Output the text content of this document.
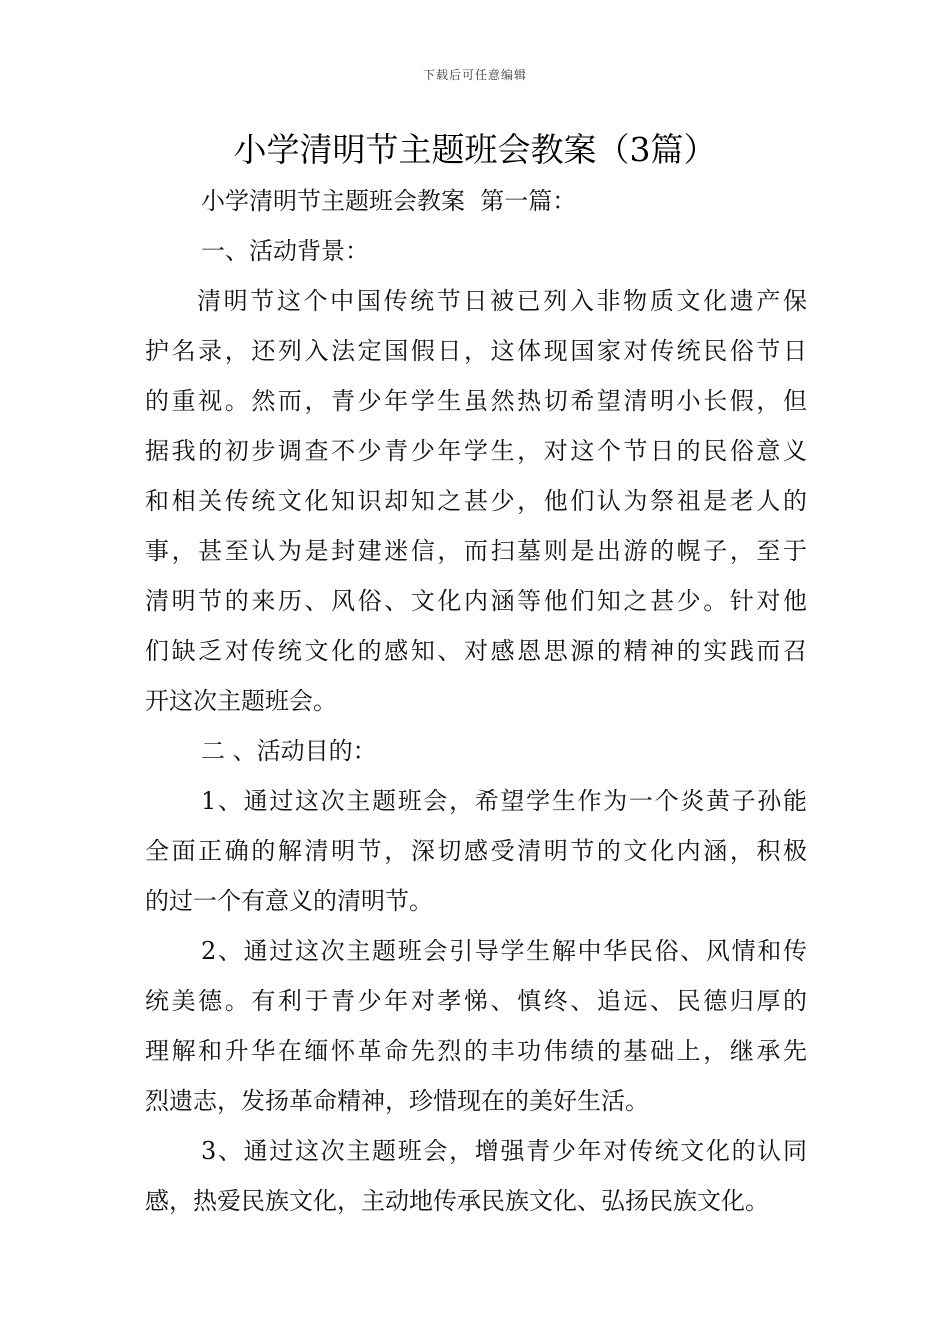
下载后可任意编辑
小学清明节主题班会教案（3篇）

小学清明节主题班会教案  第一篇：

一、活动背景：

清明节这个中国传统节日被已列入非物质文化遗产保

护名录，还列入法定国假日，这体现国家对传统民俗节日

的重视。然而，青少年学生虽然热切希望清明小长假，但

据我的初步调查不少青少年学生，对这个节日的民俗意义

和相关传统文化知识却知之甚少，他们认为祭祖是老人的

事，甚至认为是封建迷信，而扫墓则是出游的幌子，至于

清明节的来历、风俗、文化内涵等他们知之甚少。针对他

们缺乏对传统文化的感知、对感恩思源的精神的实践而召

开这次主题班会。

二 、活动目的：

1、通过这次主题班会，希望学生作为一个炎黄子孙能

全面正确的解清明节，深切感受清明节的文化内涵，积极

的过一个有意义的清明节。

2、通过这次主题班会引导学生解中华民俗、风情和传

统美德。有利于青少年对孝悌、慎终、追远、民德归厚的

理解和升华在缅怀革命先烈的丰功伟绩的基础上，继承先

烈遗志，发扬革命精神，珍惜现在的美好生活。

3、通过这次主题班会，增强青少年对传统文化的认同

感，热爱民族文化，主动地传承民族文化、弘扬民族文化。
